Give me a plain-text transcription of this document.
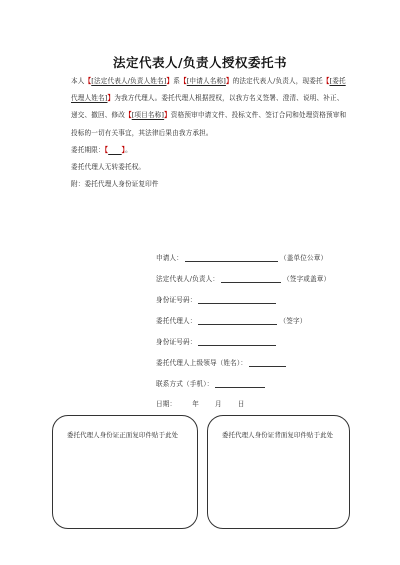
法定代表人/负责人授权委托书

本人【[法定代表人/负责人姓名]】系【[申请人名称]】的法定代表人/负责人，现委托【[委托代理人姓名]】为我方代理人。委托代理人根据授权，以我方名义签署、澄清、说明、补正、递交、撤回、修改【[项目名称]】资格预审申请文件、投标文件、签订合同和处理资格预审和投标的一切有关事宜，其法律后果由我方承担。

委托期限：【　　 】。

委托代理人无转委托权。

附：委托代理人身份证复印件

申请人：	（盖单位公章）
法定代表人/负责人：	（签字或盖章）
身份证号码：
委托代理人：	（签字）
身份证号码：
委托代理人上级领导（姓名）：
联系方式（手机）：
日期： 年 月 日
委托代理人身份证正面复印件贴于此处	委托代理人身份证背面复印件贴于此处
